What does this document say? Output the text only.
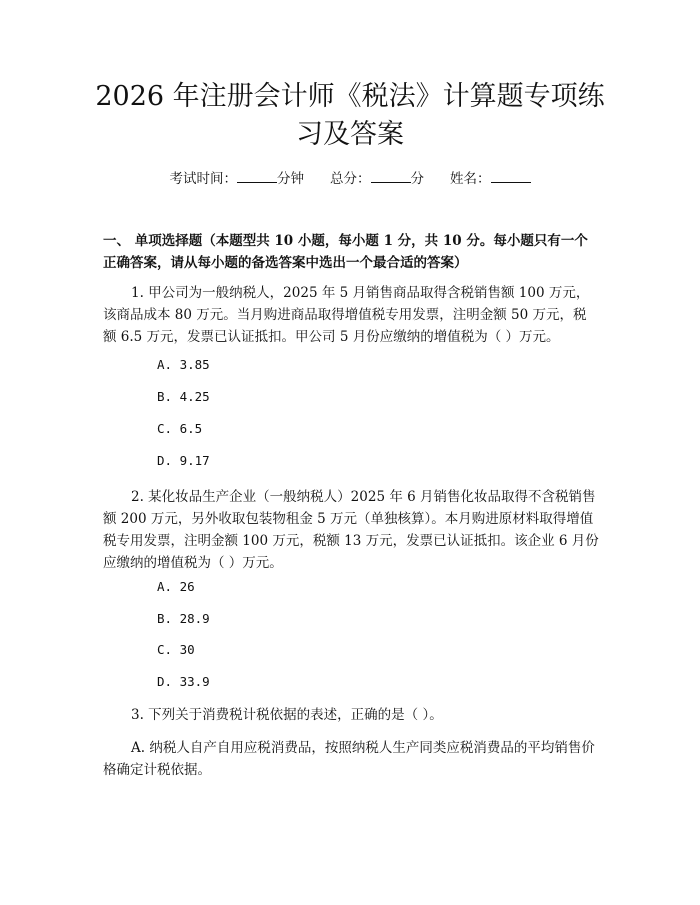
2026 年注册会计师《税法》计算题专项练习及答案
考试时间：	分钟 总分：	分 姓名：

一、 单项选择题（本题型共 10 小题，每小题 1 分，共 10 分。每小题只有一个正确答案，请从每小题的备选答案中选出一个最合适的答案）

1. 甲公司为一般纳税人，2025 年 5 月销售商品取得含税销售额 100 万元，该商品成本 80 万元。当月购进商品取得增值税专用发票，注明金额 50 万元，税额 6.5 万元，发票已认证抵扣。甲公司 5 月份应缴纳的增值税为（ ）万元。

A. 3.85

B. 4.25

C. 6.5

D. 9.17

2. 某化妆品生产企业（一般纳税人）2025 年 6 月销售化妆品取得不含税销售额 200 万元，另外收取包装物租金 5 万元（单独核算）。本月购进原材料取得增值税专用发票，注明金额 100 万元，税额 13 万元，发票已认证抵扣。该企业 6 月份应缴纳的增值税为（ ）万元。

A. 26

B. 28.9

C. 30

D. 33.9

3. 下列关于消费税计税依据的表述，正确的是（ ）。

A. 纳税人自产自用应税消费品，按照纳税人生产同类应税消费品的平均销售价格确定计税依据。
